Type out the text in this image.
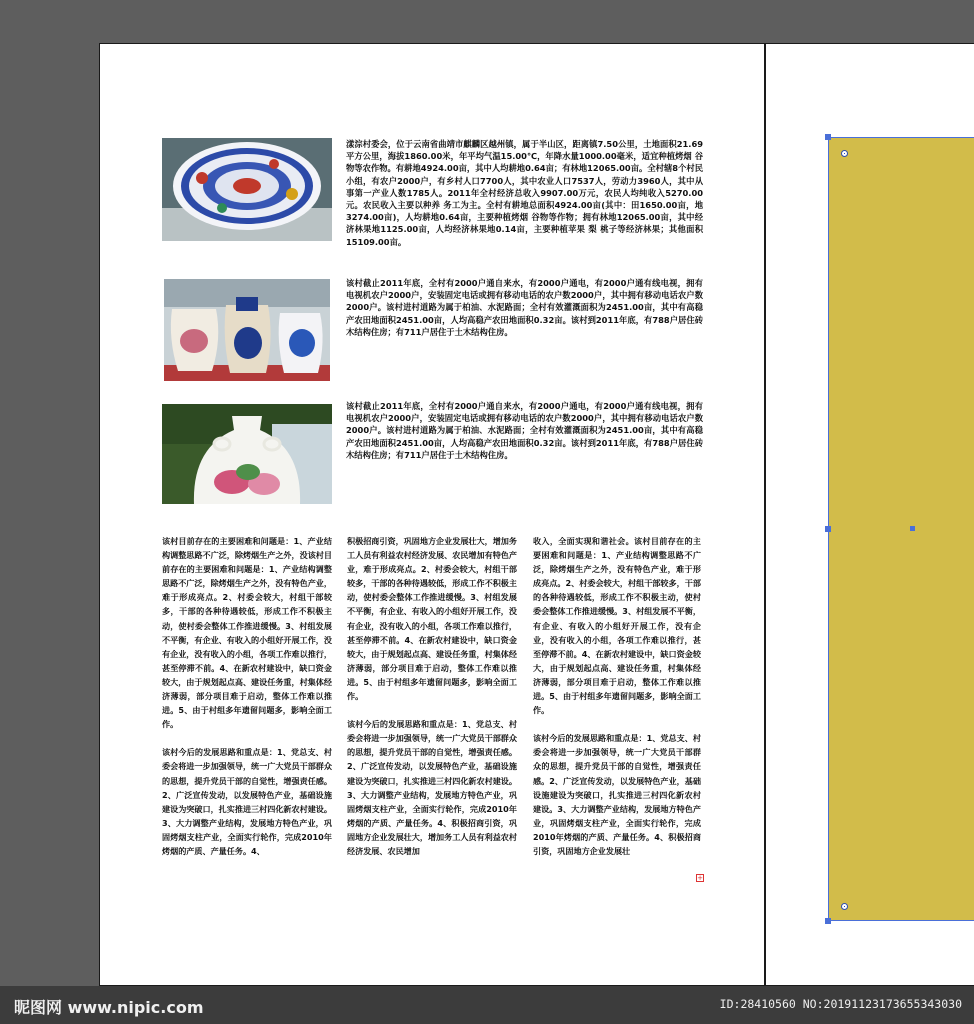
漾淙村委会，位于云南省曲靖市麒麟区越州镇，属于半山区，距离镇7.50公里，土地面积21.69平方公里，海拔1860.00米，年平均气温15.00℃，年降水量1000.00毫米，适宜种植烤烟 谷物等农作物。有耕地4924.00亩，其中人均耕地0.64亩；有林地12065.00亩。全村辖8个村民小组，有农户2000户，有乡村人口7700人，其中农业人口7537人，劳动力3960人，其中从事第一产业人数1785人。2011年全村经济总收入9907.00万元，农民人均纯收入5270.00元。农民收入主要以种养 务工为主。全村有耕地总面积4924.00亩(其中：田1650.00亩，地3274.00亩)，人均耕地0.64亩，主要种植烤烟 谷物等作物；拥有林地12065.00亩，其中经济林果地1125.00亩，人均经济林果地0.14亩，主要种植苹果 梨 桃子等经济林果；其他面积15109.00亩。
该村截止2011年底，全村有2000户通自来水，有2000户通电，有2000户通有线电视，拥有电视机农户2000户，安装固定电话或拥有移动电话的农户数2000户，其中拥有移动电话农户数2000户。该村进村道路为属于柏油、水泥路面；全村有效灌溉面积为2451.00亩，其中有高稳产农田地面积2451.00亩，人均高稳产农田地面积0.32亩。该村到2011年底，有788户居住砖木结构住房；有711户居住于土木结构住房。
该村截止2011年底，全村有2000户通自来水，有2000户通电，有2000户通有线电视，拥有电视机农户2000户，安装固定电话或拥有移动电话的农户数2000户，其中拥有移动电话农户数2000户。该村进村道路为属于柏油、水泥路面；全村有效灌溉面积为2451.00亩，其中有高稳产农田地面积2451.00亩，人均高稳产农田地面积0.32亩。该村到2011年底，有788户居住砖木结构住房；有711户居住于土木结构住房。

该村目前存在的主要困难和问题是：1、产业结构调整思路不广泛，除烤烟生产之外，没该村目前存在的主要困难和问题是：1、产业结构调整思路不广泛，除烤烟生产之外，没有特色产业，难于形成亮点。2、村委会较大，村组干部较多，干部的各种待遇较低，形成工作不积极主动，使村委会整体工作推进缓慢。3、村组发展不平衡，有企业、有收入的小组好开展工作，没有企业，没有收入的小组，各项工作难以推行，甚至停滞不前。4、在新农村建设中，缺口资金较大，由于规划起点高、建设任务重，村集体经济薄弱，部分项目难于启动，整体工作难以推进。5、由于村组多年遗留问题多，影响全面工作。

该村今后的发展思路和重点是：1、党总支、村委会将进一步加强领导，统一广大党员干部群众的思想，提升党员干部的自觉性，增强责任感。2、广泛宣传发动，以发展特色产业，基础设施建设为突破口，扎实推进三村四化新农村建设。3、大力调整产业结构，发展地方特色产业，巩固烤烟支柱产业，全面实行轮作，完成2010年烤烟的产质、产量任务。4、

积极招商引资，巩固地方企业发展壮大，增加务工人员有利益农村经济发展、农民增加有特色产业，难于形成亮点。2、村委会较大，村组干部较多，干部的各种待遇较低，形成工作不积极主动，使村委会整体工作推进缓慢。3、村组发展不平衡，有企业、有收入的小组好开展工作，没有企业，没有收入的小组，各项工作难以推行，甚至停滞不前。4、在新农村建设中，缺口资金较大，由于规划起点高、建设任务重，村集体经济薄弱，部分项目难于启动，整体工作难以推进。5、由于村组多年遗留问题多，影响全面工作。

该村今后的发展思路和重点是：1、党总支、村委会将进一步加强领导，统一广大党员干部群众的思想，提升党员干部的自觉性，增强责任感。2、广泛宣传发动，以发展特色产业，基础设施建设为突破口，扎实推进三村四化新农村建设。3、大力调整产业结构，发展地方特色产业，巩固烤烟支柱产业，全面实行轮作，完成2010年烤烟的产质、产量任务。4、积极招商引资，巩固地方企业发展壮大，增加务工人员有利益农村经济发展、农民增加

收入，全面实现和谐社会。该村目前存在的主要困难和问题是：1、产业结构调整思路不广泛，除烤烟生产之外，没有特色产业，难于形成亮点。2、村委会较大，村组干部较多，干部的各种待遇较低，形成工作不积极主动，使村委会整体工作推进缓慢。3、村组发展不平衡，有企业、有收入的小组好开展工作，没有企业，没有收入的小组，各项工作难以推行，甚至停滞不前。4、在新农村建设中，缺口资金较大，由于规划起点高、建设任务重，村集体经济薄弱，部分项目难于启动，整体工作难以推进。5、由于村组多年遗留问题多，影响全面工作。

该村今后的发展思路和重点是：1、党总支、村委会将进一步加强领导，统一广大党员干部群众的思想，提升党员干部的自觉性，增强责任感。2、广泛宣传发动，以发展特色产业，基础设施建设为突破口，扎实推进三村四化新农村建设。3、大力调整产业结构，发展地方特色产业，巩固烤烟支柱产业，全面实行轮作，完成2010年烤烟的产质、产量任务。4、积极招商引资，巩固地方企业发展壮

+
昵图网 www.nipic.com	ID:28410560 NO:20191123173655343030
